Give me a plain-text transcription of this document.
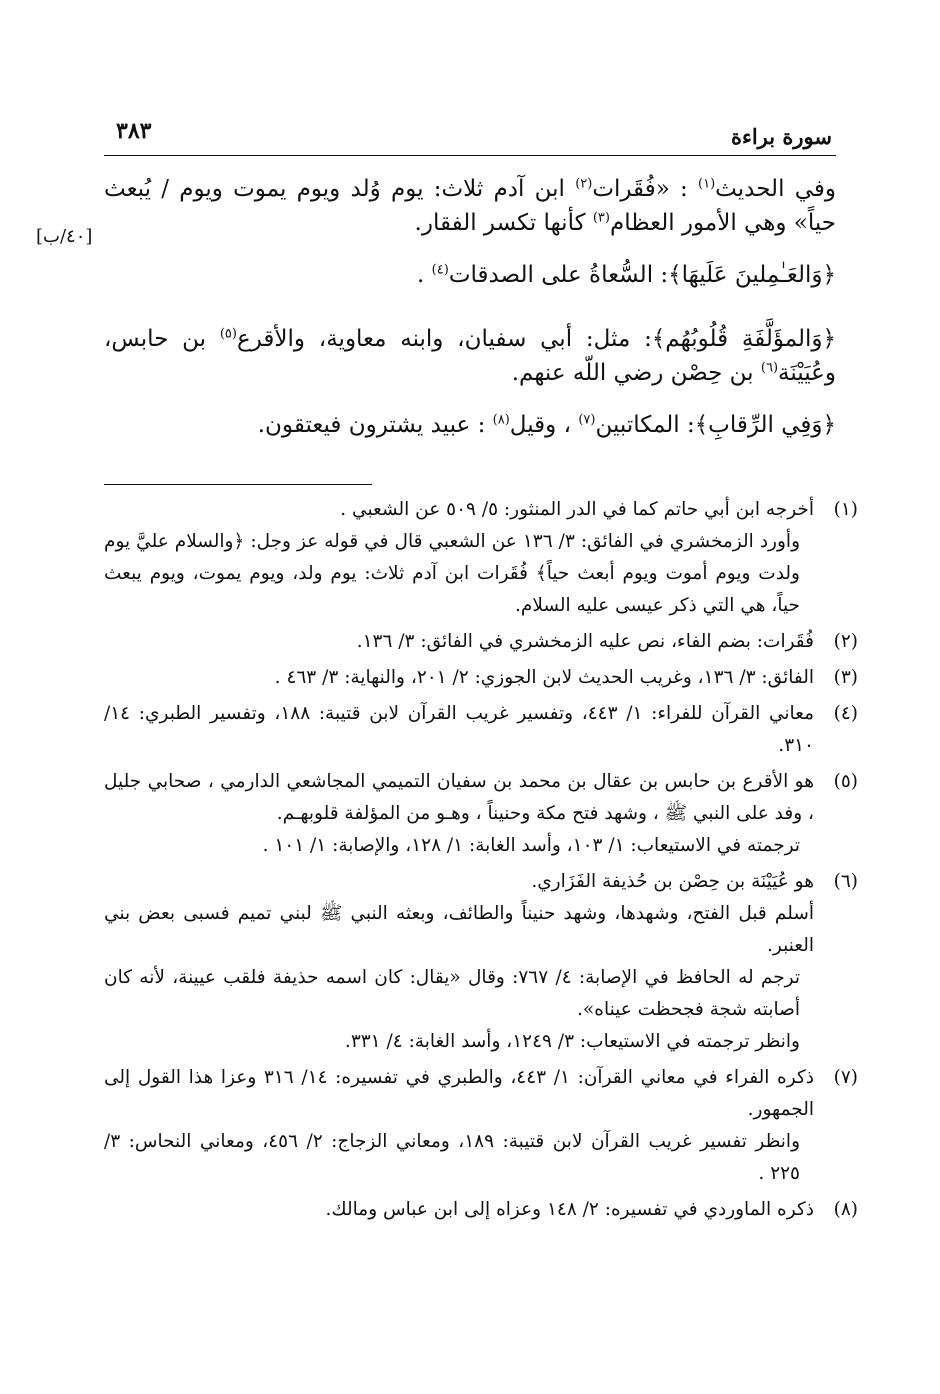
سورة براءة
٣٨٣
[٤٠/ب]

وفي الحديث$^{(١)}$ : «فُقَرات$^{(٢)}$ ابن آدم ثلاث: يوم وُلد ويوم يموت ويوم / يُبعث حياً» وهي الأمور العظام$^{(٣)}$ كأنها تكسر الفقار.

﴿وَالعَـٰمِلينَ عَلَيهَا﴾: السُّعاةُ على الصدقات$^{(٤)}$ .

﴿وَالمؤَلَّفَةِ قُلُوبُهُم﴾: مثل: أبي سفيان، وابنه معاوية، والأقرع$^{(٥)}$ بن حابس، وعُيَيْنَة$^{(٦)}$ بن حِصْن رضي اللّه عنهم.

﴿وَفِي الرِّقابِ﴾: المكاتبين$^{(٧)}$ ، وقيل$^{(٨)}$ : عبيد يشترون فيعتقون.

(١)
أخرجه ابن أبي حاتم كما في الدر المنثور: ٥/ ٥٠٩ عن الشعبي .
وأورد الزمخشري في الفائق: ٣/ ١٣٦ عن الشعبي قال في قوله عز وجل: ﴿والسلام عليَّ يوم ولدت ويوم أموت ويوم أبعث حياً﴾ فُقَرات ابن آدم ثلاث: يوم ولد، ويوم يموت، ويوم يبعث حياً، هي التي ذكر عيسى عليه السلام.
(٢)
فُقَرات: بضم الفاء، نص عليه الزمخشري في الفائق: ٣/ ١٣٦.
(٣)
الفائق: ٣/ ١٣٦، وغريب الحديث لابن الجوزي: ٢/ ٢٠١، والنهاية: ٣/ ٤٦٣ .
(٤)
معاني القرآن للفراء: ١/ ٤٤٣، وتفسير غريب القرآن لابن قتيبة: ١٨٨، وتفسير الطبري: ١٤/ ٣١٠.
(٥)
هو الأقرع بن حابس بن عقال بن محمد بن سفيان التميمي المجاشعي الدارمي ، صحابي جليل ، وفد على النبي ﷺ ، وشهد فتح مكة وحنيناً ، وهـو من المؤلفة قلوبهـم.
ترجمته في الاستيعاب: ١/ ١٠٣، وأسد الغابة: ١/ ١٢٨، والإصابة: ١/ ١٠١ .
(٦)
هو عُيَيْنَة بن حِصْن بن حُذيفة الفَزَاري.
أسلم قبل الفتح، وشهدها، وشهد حنيناً والطائف، وبعثه النبي ﷺ لبني تميم فسبى بعض بني العنبر.
ترجم له الحافظ في الإصابة: ٤/ ٧٦٧: وقال «يقال: كان اسمه حذيفة فلقب عيينة، لأنه كان أصابته شجة فجحظت عيناه».
وانظر ترجمته في الاستيعاب: ٣/ ١٢٤٩، وأسد الغابة: ٤/ ٣٣١.
(٧)
ذكره الفراء في معاني القرآن: ١/ ٤٤٣، والطبري في تفسيره: ١٤/ ٣١٦ وعزا هذا القول إلى الجمهور.
وانظر تفسير غريب القرآن لابن قتيبة: ١٨٩، ومعاني الزجاج: ٢/ ٤٥٦، ومعاني النحاس: ٣/ ٢٢٥ .
(٨)
ذكره الماوردي في تفسيره: ٢/ ١٤٨ وعزاه إلى ابن عباس ومالك.
